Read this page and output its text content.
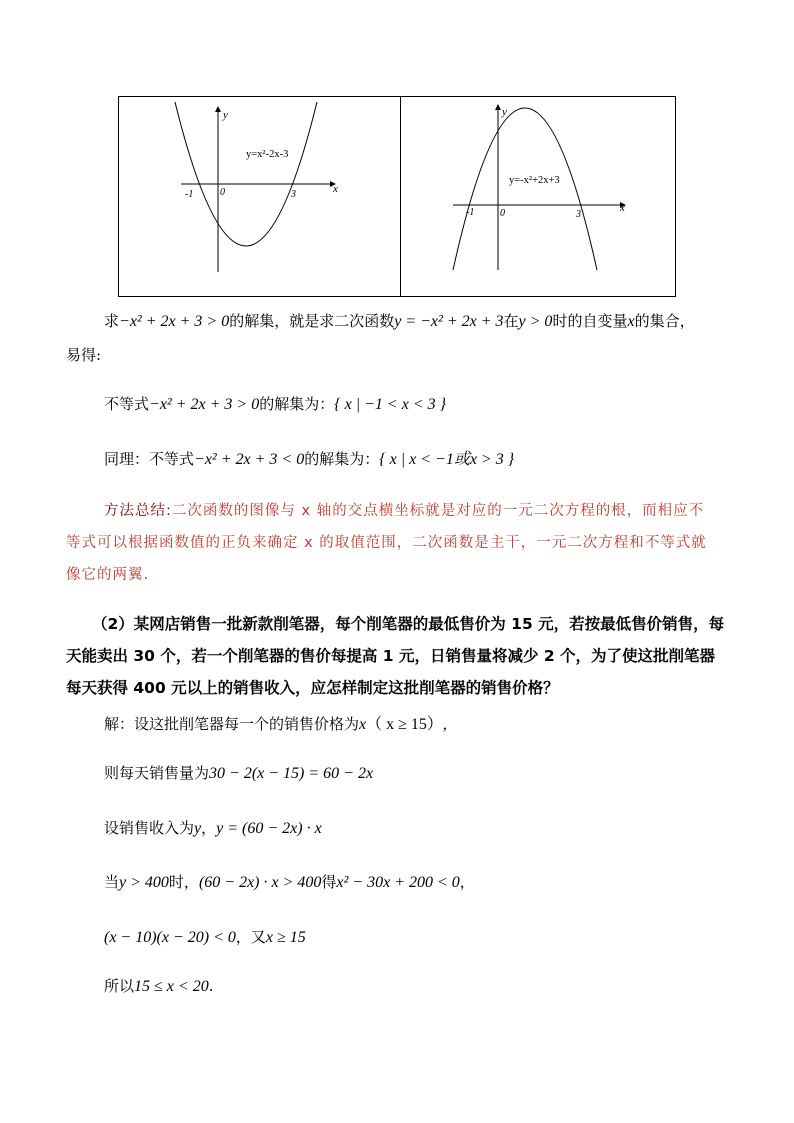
y
x
0
-1	3
y=x²-2x-3
y
x
0
-1	3
y=-x²+2x+3
求−x² + 2x + 3 > 0的解集，就是求二次函数y = −x² + 2x + 3在y > 0时的自变量x的集合，
易得:
不等式−x² + 2x + 3 > 0的解集为：{ x | −1 < x < 3 }
同理：不等式−x² + 2x + 3 < 0的解集为：{ x | x < −1或x > 3 }
方法总结:二次函数的图像与 x 轴的交点横坐标就是对应的一元二次方程的根，而相应不
等式可以根据函数值的正负来确定 x 的取值范围，二次函数是主干，一元二次方程和不等式就
像它的两翼.
（2）某网店销售一批新款削笔器，每个削笔器的最低售价为 15 元，若按最低售价销售，每
天能卖出 30 个，若一个削笔器的售价每提高 1 元，日销售量将减少 2 个，为了使这批削笔器
每天获得 400 元以上的销售收入，应怎样制定这批削笔器的销售价格？
解：设这批削笔器每一个的销售价格为x（ x ≥ 15）,
则每天销售量为30 − 2(x − 15) = 60 − 2x
设销售收入为y，y = (60 − 2x) · x
当y > 400时，(60 − 2x) · x > 400得x² − 30x + 200 < 0，
(x − 10)(x − 20) < 0，又x ≥ 15
所以15 ≤ x < 20.
